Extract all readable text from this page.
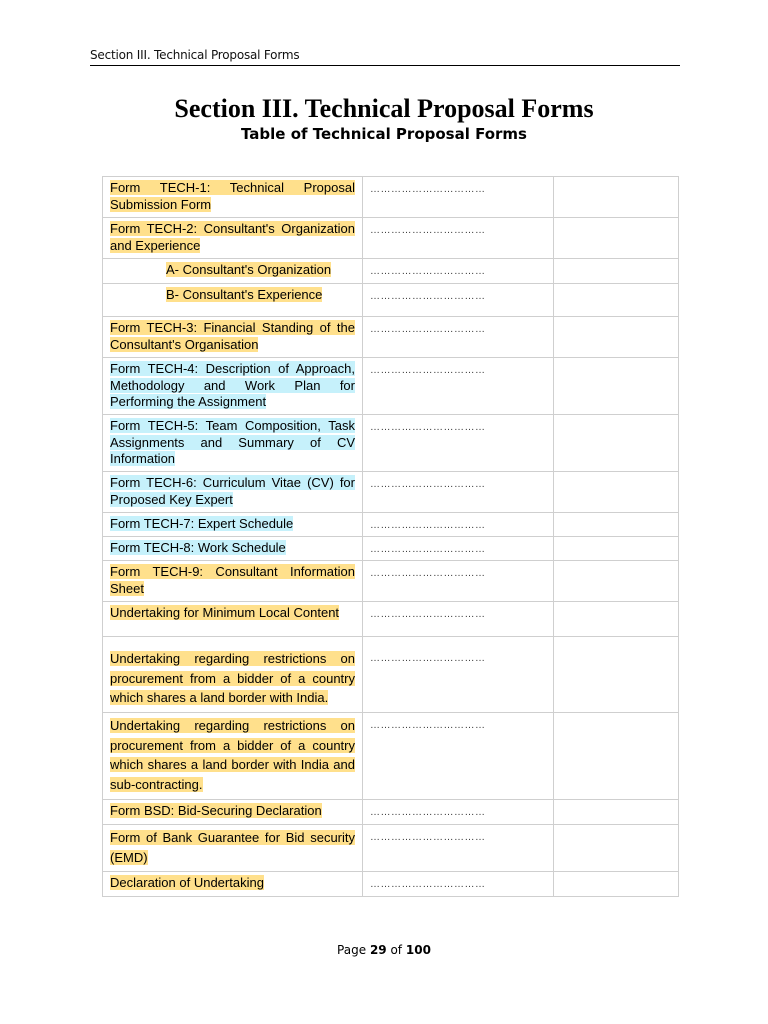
Section III. Technical Proposal Forms
Section III. Technical Proposal Forms
Table of Technical Proposal Forms
Form TECH-1: Technical Proposal Submission Form	……………………………	
Form TECH-2: Consultant's Organization and Experience	……………………………	
A- Consultant's Organization	……………………………	
B- Consultant's Experience	……………………………	
Form TECH-3: Financial Standing of the Consultant's Organisation	……………………………	
Form TECH-4: Description of Approach, Methodology and Work Plan for Performing the Assignment	……………………………	
Form TECH-5: Team Composition, Task Assignments and Summary of CV Information	……………………………	
Form TECH-6: Curriculum Vitae (CV) for Proposed Key Expert	……………………………	
Form TECH-7: Expert Schedule	……………………………	
Form TECH-8: Work Schedule	……………………………	
Form TECH-9: Consultant Information Sheet	……………………………	
Undertaking for Minimum Local Content	……………………………	
Undertaking regarding restrictions on procurement from a bidder of a country which shares a land border with India.	……………………………	
Undertaking regarding restrictions on procurement from a bidder of a country which shares a land border with India and sub-contracting.	……………………………	
Form BSD: Bid-Securing Declaration	……………………………	
Form of Bank Guarantee for Bid security (EMD)	……………………………	
Declaration of Undertaking	……………………………	
Page 29 of 100
